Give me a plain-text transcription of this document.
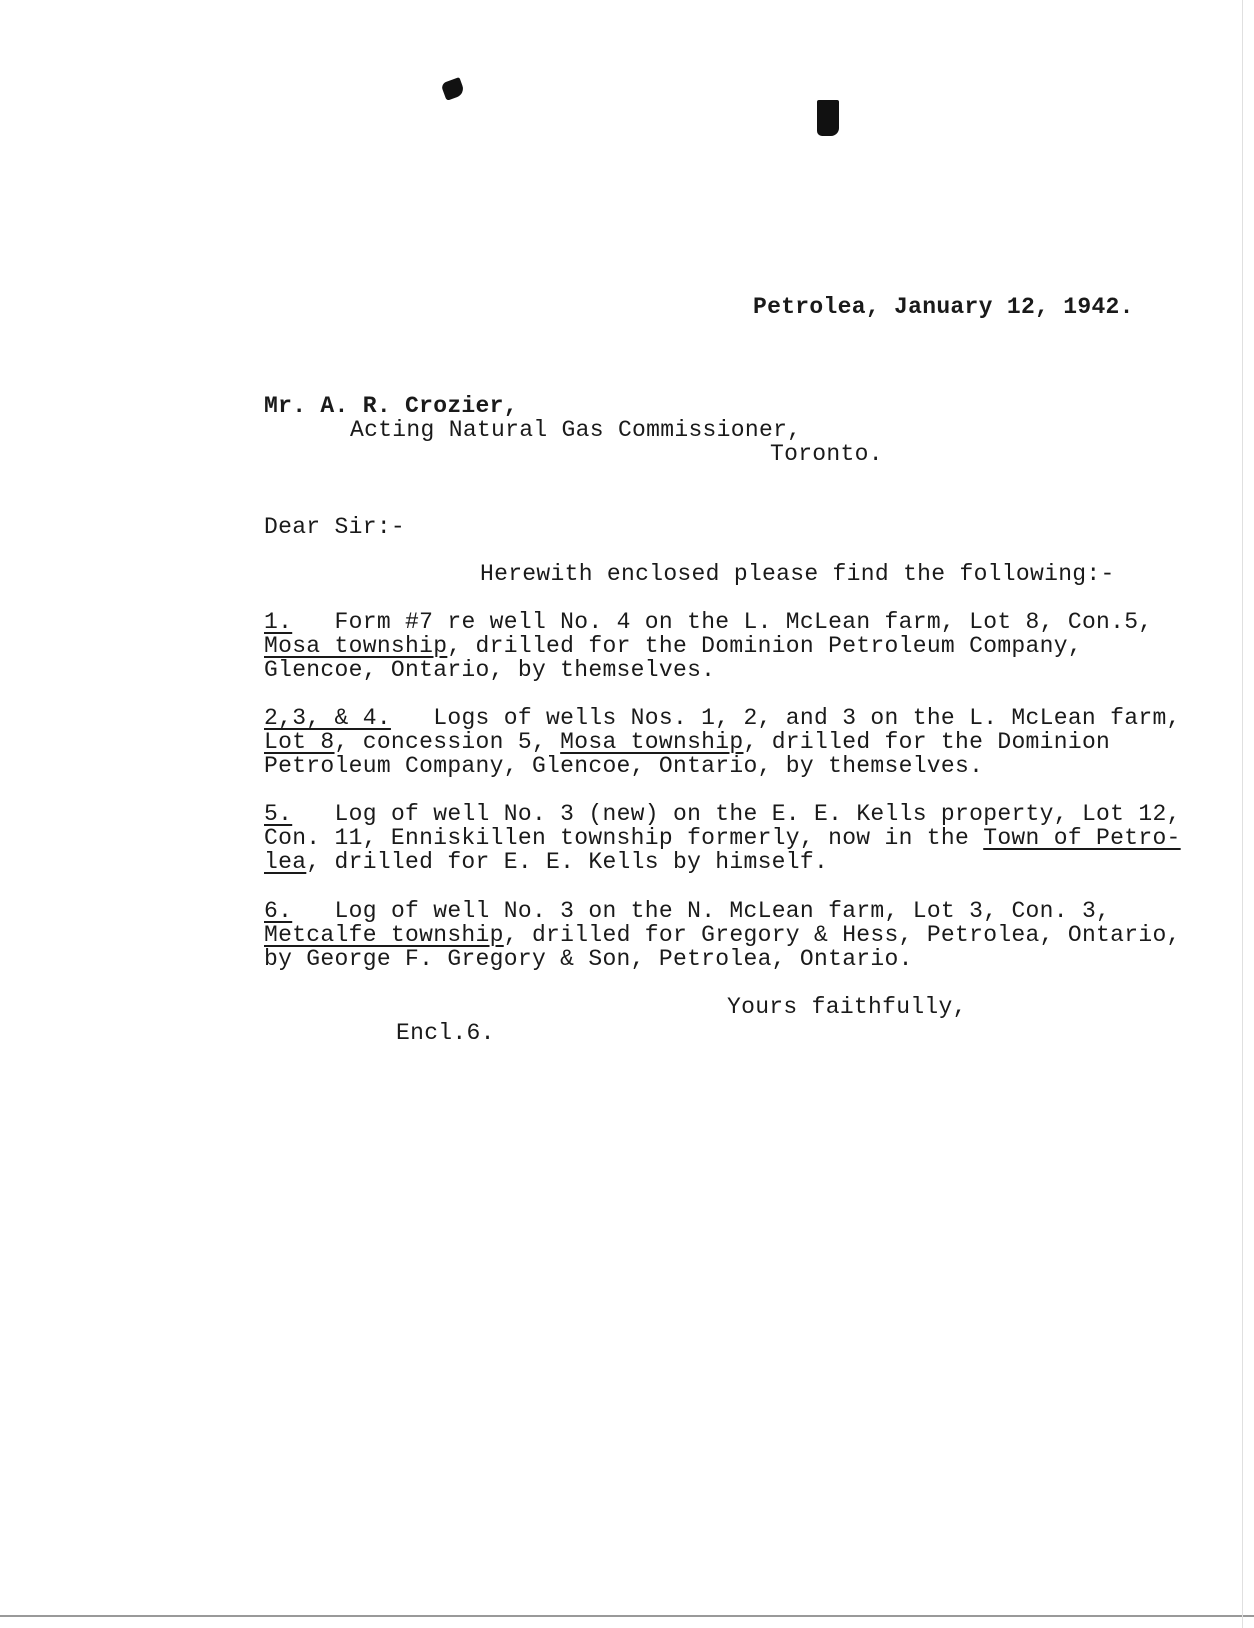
Petrolea, January 12, 1942.
Mr. A. R. Crozier,
Acting Natural Gas Commissioner,
Toronto.
Dear Sir:-
Herewith enclosed please find the following:-
1. Form #7 re well No. 4 on the L. McLean farm, Lot 8, Con.5,
Mosa township, drilled for the Dominion Petroleum Company,
Glencoe, Ontario, by themselves.
2,3, & 4. Logs of wells Nos. 1, 2, and 3 on the L. McLean farm,
Lot 8, concession 5, Mosa township, drilled for the Dominion
Petroleum Company, Glencoe, Ontario, by themselves.
5. Log of well No. 3 (new) on the E. E. Kells property, Lot 12,
Con. 11, Enniskillen township formerly, now in the Town of Petro-
lea, drilled for E. E. Kells by himself.
6. Log of well No. 3 on the N. McLean farm, Lot 3, Con. 3,
Metcalfe township, drilled for Gregory & Hess, Petrolea, Ontario,
by George F. Gregory & Son, Petrolea, Ontario.
Yours faithfully,
Encl.6.
